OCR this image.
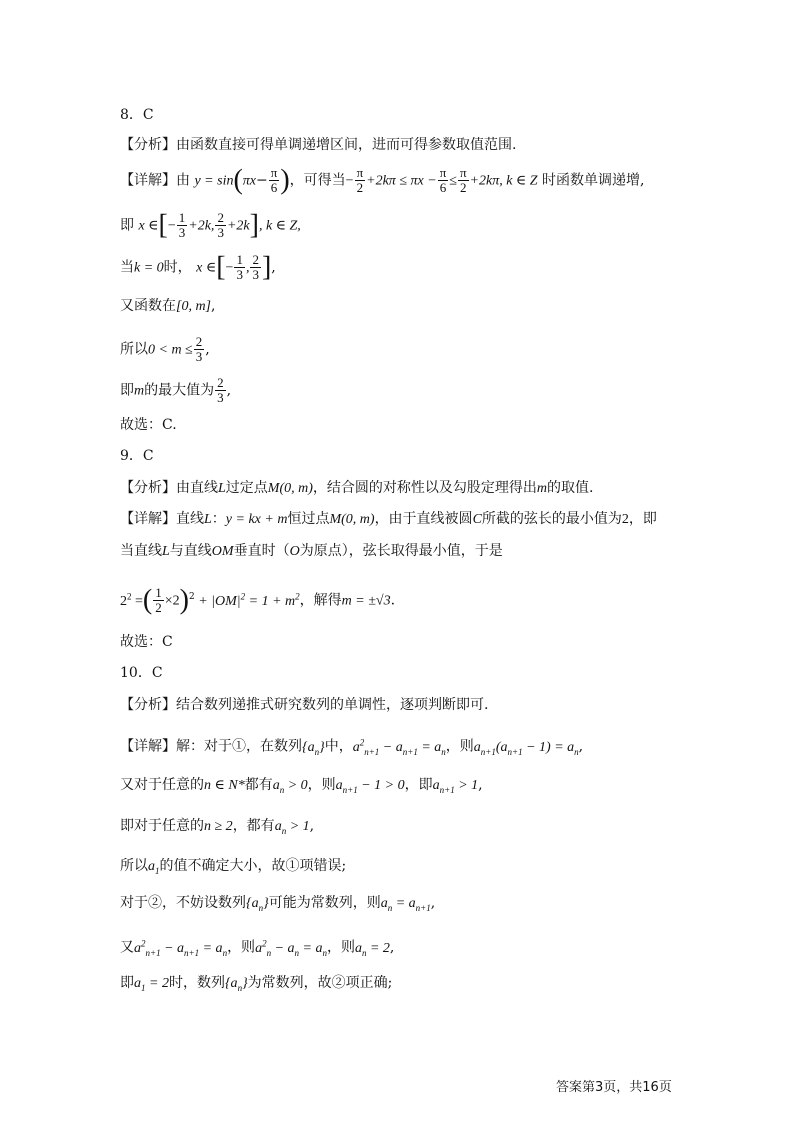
8．C
【分析】由函数直接可得单调递增区间，进而可得参数取值范围.
【详解】由 $y = \sin(\pi x- \frac{\pi}{6}$ )，可得当− $\frac{\pi}{2} +2k\pi \le \pi x - \frac{\pi}{6} \le \frac{\pi}{2} +2k\pi$, k ∈ Z 时函数单调递增,
即 x ∈[− $\frac{1}{3} +2k$, $\frac{2}{3} +2k$], k ∈ Z,
当k = 0时， x ∈[− $\frac{1}{3}$ , $\frac{2}{3}$ ],
又函数在[0, m],
所以$0 < m \le \frac{2}{3}$ ,
即m的最大值为 $\frac{2}{3}$ ,
故选：C.
9．C
【分析】由直线L过定点M(0, m)，结合圆的对称性以及勾股定理得出m的取值.
【详解】直线L：y = kx + m恒过点M(0, m)，由于直线被圆C所截的弦长的最小值为2，即
当直线L与直线OM垂直时（O为原点），弦长取得最小值，于是
$2^2$ =( $\frac{1}{2} \times 2)^2 + |OM|^2 = 1 + m^2$，解得m = ±√3.
故选：C
10．C
【分析】结合数列递推式研究数列的单调性，逐项判断即可.
【详解】解：对于①，在数列$\{a_n\}$中，$a^2_{n+1} - a_{n+1} = a_n$，则$a_{n+1}(a_{n+1} - 1) = a_n$,
又对于任意的n ∈ N*都有$a_n > 0$，则$a_{n+1} - 1 > 0$，即$a_{n+1} > 1$,
即对于任意的n ≥ 2，都有$a_n > 1$,
所以$a_1$的值不确定大小，故①项错误;
对于②，不妨设数列$\{a_n\}$可能为常数列，则$a_n = a_{n+1}$,
又$a^2_{n+1} - a_{n+1} = a_n$，则$a^2_n - a_n = a_n$，则$a_n = 2$,
即$a_1 = 2$时，数列$\{a_n\}$为常数列，故②项正确;
答案第3页，共16页
